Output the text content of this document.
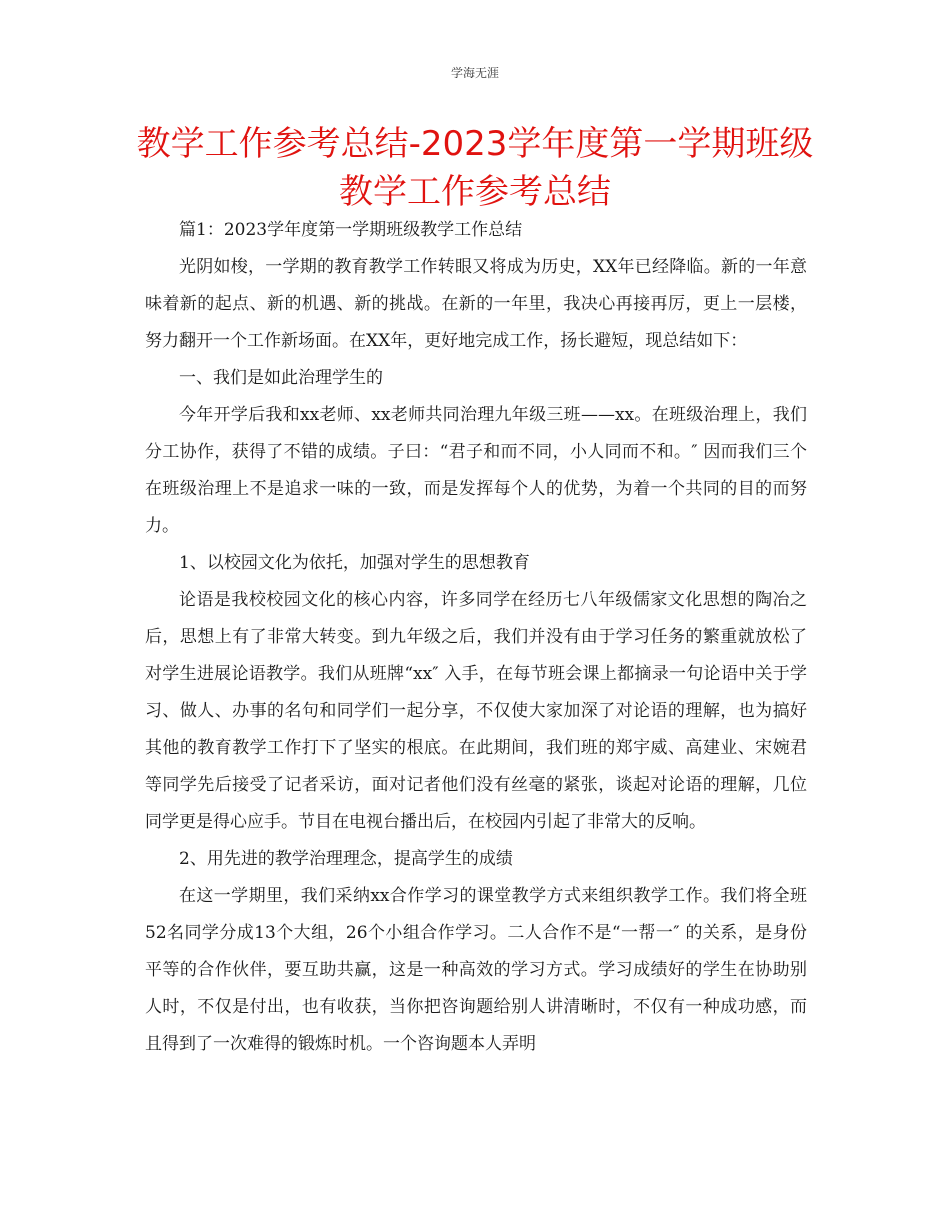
学海无涯
教学工作参考总结-2023学年度第一学期班级教学工作参考总结

篇1：2023学年度第一学期班级教学工作总结

光阴如梭，一学期的教育教学工作转眼又将成为历史，XX年已经降临。新的一年意味着新的起点、新的机遇、新的挑战。在新的一年里，我决心再接再厉，更上一层楼，努力翻开一个工作新场面。在XX年，更好地完成工作，扬长避短，现总结如下：

一、我们是如此治理学生的

今年开学后我和xx老师、xx老师共同治理九年级三班——xx。在班级治理上，我们分工协作，获得了不错的成绩。子曰：“君子和而不同，小人同而不和。″ 因而我们三个在班级治理上不是追求一味的一致，而是发挥每个人的优势，为着一个共同的目的而努力。

1、以校园文化为依托，加强对学生的思想教育

论语是我校校园文化的核心内容，许多同学在经历七八年级儒家文化思想的陶冶之后，思想上有了非常大转变。到九年级之后，我们并没有由于学习任务的繁重就放松了对学生进展论语教学。我们从班牌“xx″ 入手，在每节班会课上都摘录一句论语中关于学习、做人、办事的名句和同学们一起分享，不仅使大家加深了对论语的理解，也为搞好其他的教育教学工作打下了坚实的根底。在此期间，我们班的郑宇威、高建业、宋婉君等同学先后接受了记者采访，面对记者他们没有丝毫的紧张，谈起对论语的理解，几位同学更是得心应手。节目在电视台播出后，在校园内引起了非常大的反响。

2、用先进的教学治理理念，提高学生的成绩

在这一学期里，我们采纳xx合作学习的课堂教学方式来组织教学工作。我们将全班52名同学分成13个大组，26个小组合作学习。二人合作不是“一帮一″ 的关系，是身份平等的合作伙伴，要互助共赢，这是一种高效的学习方式。学习成绩好的学生在协助别人时，不仅是付出，也有收获，当你把咨询题给别人讲清晰时，不仅有一种成功感，而且得到了一次难得的锻炼时机。一个咨询题本人弄明
